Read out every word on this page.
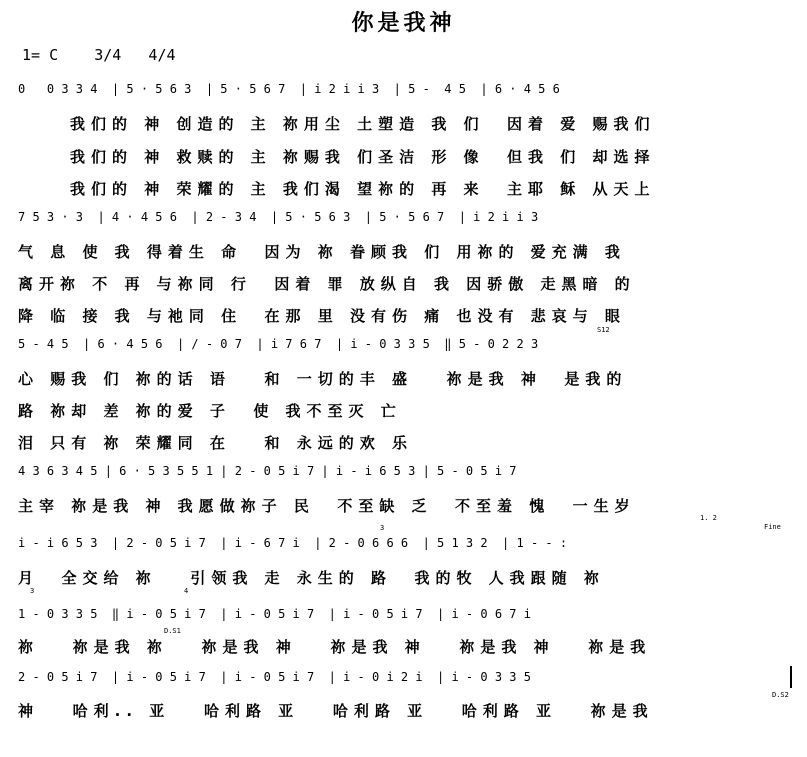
你是我神
1= C    3/4   4/4
0   0 3 3 4  | 5 · 5 6 3  | 5 · 5 6 7  | i 2 i i 3  | 5 -  4 5  | 6 · 4 5 6
我们的 神 创造的 主 祢用尘 土塑造 我 们  因着 爱 赐我们
我们的 神 救赎的 主 祢赐我 们圣洁 形 像  但我 们 却选择
我们的 神 荣耀的 主 我们渴 望祢的 再 来  主耶 稣 从天上
7 5 3 · 3  | 4 · 4 5 6  | 2 - 3 4  | 5 · 5 6 3  | 5 · 5 6 7  | i 2 i i 3
气 息 使 我 得着生 命  因为 祢 眷顾我 们 用祢的 爱充满 我
离开祢 不 再 与祢同 行  因着 罪 放纵自 我 因骄傲 走黑暗 的
降 临 接 我 与祂同 住  在那 里 没有伤 痛 也没有 悲哀与 眼
S12
5 - 4 5  | 6 · 4 5 6  | / - 0 7  | i 7 6 7  | i - 0 3 3 5  ‖ 5 - 0 2 2 3
心 赐我 们 祢的话 语   和 一切的丰 盛   祢是我 神  是我的
路 祢却 差 祢的爱 子  使 我不至灭 亡
泪 只有 祢 荣耀同 在   和 永远的欢 乐
4 3 6 3 4 5 | 6 · 5 3 5 5 1 | 2 - 0 5 i 7 | i - i 6 5 3 | 5 - 0 5 i 7
主宰 祢是我 神 我愿做祢子 民  不至缺 乏  不至羞 愧  一生岁
3
1. 2
Fine
i - i 6 5 3  | 2 - 0 5 i 7  | i - 6 7 i  | 2 - 0 6 6 6  | 5 1 3 2  | 1 - - :
月  全交给 祢   引领我 走 永生的 路  我的牧 人我跟随 祢
3	4
1 - 0 3 3 5  ‖ i - 0 5 i 7  | i - 0 5 i 7  | i - 0 5 i 7  | i - 0 6 7 i
D.S1
祢   祢是我 祢   祢是我 神   祢是我 神   祢是我 神   祢是我
2 - 0 5 i 7  | i - 0 5 i 7  | i - 0 5 i 7  | i - 0 i 2 i  | i - 0 3 3 5
D.S2
神   哈利.. 亚   哈利路 亚   哈利路 亚   哈利路 亚   祢是我
